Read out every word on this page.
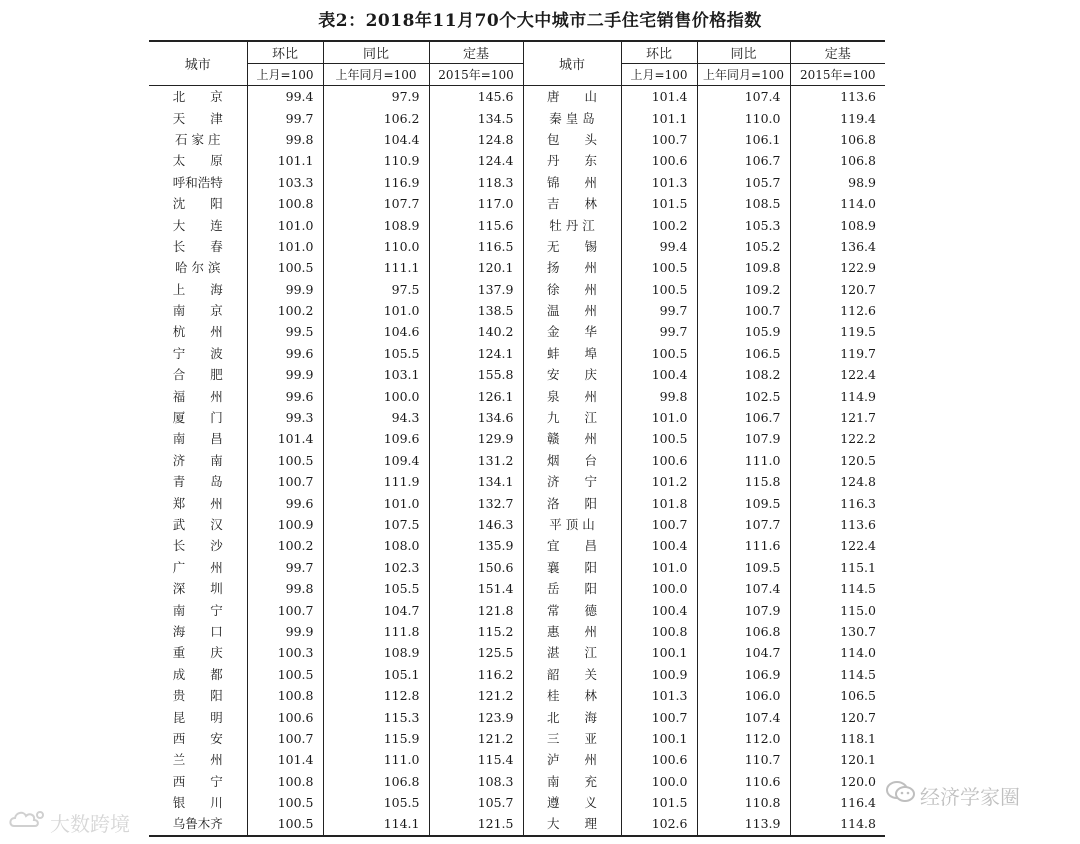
表2：2018年11月70个大中城市二手住宅销售价格指数
城市	环比	同比	定基	城市	环比	同比	定基
	上月=100	上年同月=100	2015年=100		上月=100	上年同月=100	2015年=100
北　　京	99.4	97.9	145.6	唐　　山	101.4	107.4	113.6
天　　津	99.7	106.2	134.5	秦 皇 岛	101.1	110.0	119.4
石 家 庄	99.8	104.4	124.8	包　　头	100.7	106.1	106.8
太　　原	101.1	110.9	124.4	丹　　东	100.6	106.7	106.8
呼和浩特	103.3	116.9	118.3	锦　　州	101.3	105.7	98.9
沈　　阳	100.8	107.7	117.0	吉　　林	101.5	108.5	114.0
大　　连	101.0	108.9	115.6	牡 丹 江	100.2	105.3	108.9
长　　春	101.0	110.0	116.5	无　　锡	99.4	105.2	136.4
哈 尔 滨	100.5	111.1	120.1	扬　　州	100.5	109.8	122.9
上　　海	99.9	97.5	137.9	徐　　州	100.5	109.2	120.7
南　　京	100.2	101.0	138.5	温　　州	99.7	100.7	112.6
杭　　州	99.5	104.6	140.2	金　　华	99.7	105.9	119.5
宁　　波	99.6	105.5	124.1	蚌　　埠	100.5	106.5	119.7
合　　肥	99.9	103.1	155.8	安　　庆	100.4	108.2	122.4
福　　州	99.6	100.0	126.1	泉　　州	99.8	102.5	114.9
厦　　门	99.3	94.3	134.6	九　　江	101.0	106.7	121.7
南　　昌	101.4	109.6	129.9	赣　　州	100.5	107.9	122.2
济　　南	100.5	109.4	131.2	烟　　台	100.6	111.0	120.5
青　　岛	100.7	111.9	134.1	济　　宁	101.2	115.8	124.8
郑　　州	99.6	101.0	132.7	洛　　阳	101.8	109.5	116.3
武　　汉	100.9	107.5	146.3	平 顶 山	100.7	107.7	113.6
长　　沙	100.2	108.0	135.9	宜　　昌	100.4	111.6	122.4
广　　州	99.7	102.3	150.6	襄　　阳	101.0	109.5	115.1
深　　圳	99.8	105.5	151.4	岳　　阳	100.0	107.4	114.5
南　　宁	100.7	104.7	121.8	常　　德	100.4	107.9	115.0
海　　口	99.9	111.8	115.2	惠　　州	100.8	106.8	130.7
重　　庆	100.3	108.9	125.5	湛　　江	100.1	104.7	114.0
成　　都	100.5	105.1	116.2	韶　　关	100.9	106.9	114.5
贵　　阳	100.8	112.8	121.2	桂　　林	101.3	106.0	106.5
昆　　明	100.6	115.3	123.9	北　　海	100.7	107.4	120.7
西　　安	100.7	115.9	121.2	三　　亚	100.1	112.0	118.1
兰　　州	101.4	111.0	115.4	泸　　州	100.6	110.7	120.1
西　　宁	100.8	106.8	108.3	南　　充	100.0	110.6	120.0
银　　川	100.5	105.5	105.7	遵　　义	101.5	110.8	116.4
乌鲁木齐	100.5	114.1	121.5	大　　理	102.6	113.9	114.8
大数跨境
经济学家圈
